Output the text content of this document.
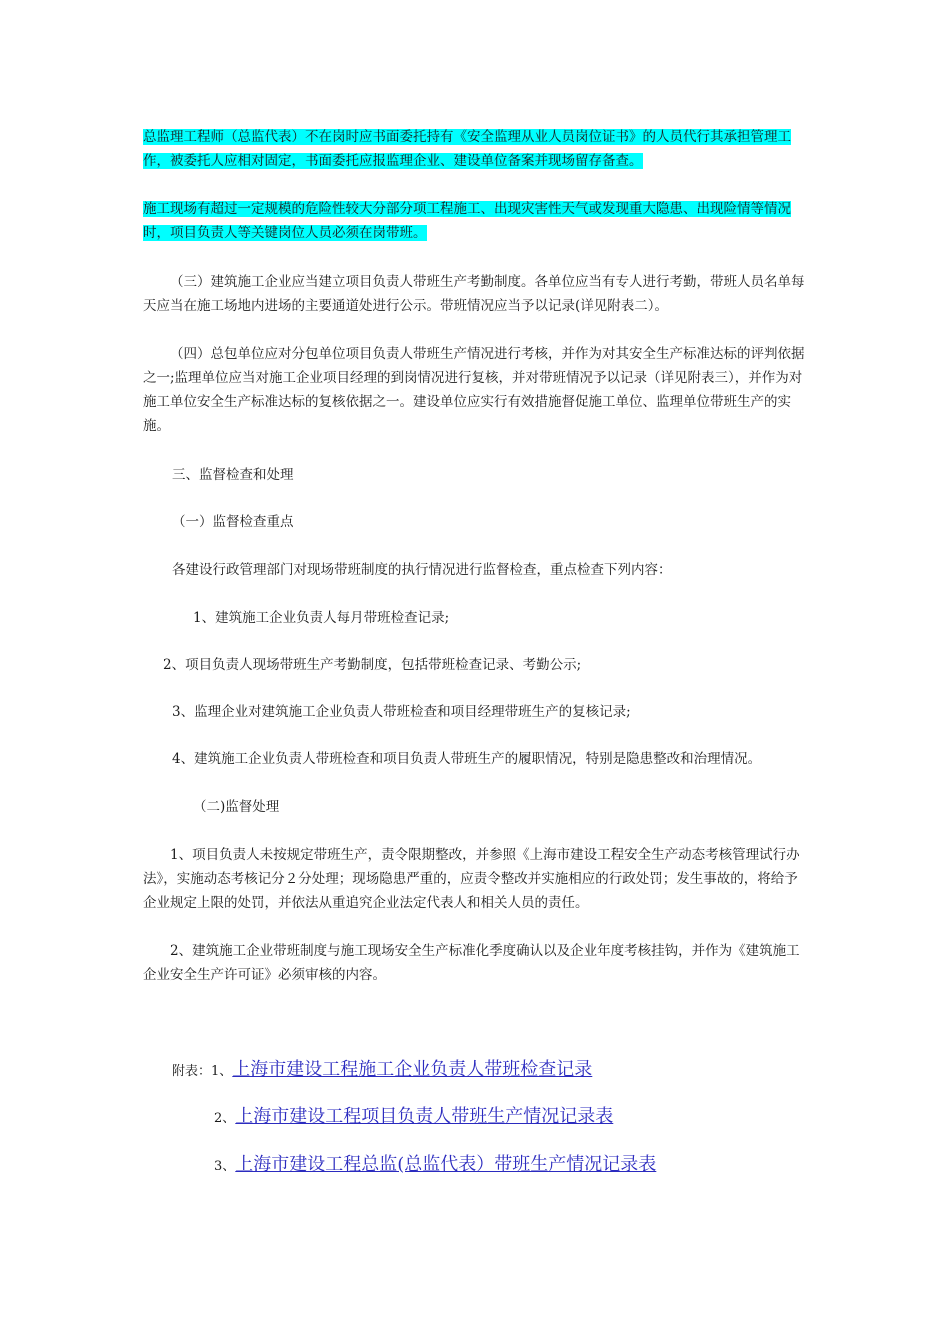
总监理工程师（总监代表）不在岗时应书面委托持有《安全监理从业人员岗位证书》的人员代行其承担管理工作，被委托人应相对固定，书面委托应报监理企业、建设单位备案并现场留存备查。

施工现场有超过一定规模的危险性较大分部分项工程施工、出现灾害性天气或发现重大隐患、出现险情等情况时，项目负责人等关键岗位人员必须在岗带班。

（三）建筑施工企业应当建立项目负责人带班生产考勤制度。各单位应当有专人进行考勤，带班人员名单每天应当在施工场地内进场的主要通道处进行公示。带班情况应当予以记录(详见附表二）。

（四）总包单位应对分包单位项目负责人带班生产情况进行考核，并作为对其安全生产标准达标的评判依据之一;监理单位应当对施工企业项目经理的到岗情况进行复核，并对带班情况予以记录（详见附表三），并作为对施工单位安全生产标准达标的复核依据之一。建设单位应实行有效措施督促施工单位、监理单位带班生产的实施。

三、监督检查和处理

（一）监督检查重点

各建设行政管理部门对现场带班制度的执行情况进行监督检查，重点检查下列内容：

1、建筑施工企业负责人每月带班检查记录;

2、项目负责人现场带班生产考勤制度，包括带班检查记录、考勤公示;

3、监理企业对建筑施工企业负责人带班检查和项目经理带班生产的复核记录;

4、建筑施工企业负责人带班检查和项目负责人带班生产的履职情况，特别是隐患整改和治理情况。

（二)监督处理

1、项目负责人未按规定带班生产，责令限期整改，并参照《上海市建设工程安全生产动态考核管理试行办法》，实施动态考核记分２分处理；现场隐患严重的，应责令整改并实施相应的行政处罚；发生事故的，将给予企业规定上限的处罚，并依法从重追究企业法定代表人和相关人员的责任。

2、建筑施工企业带班制度与施工现场安全生产标准化季度确认以及企业年度考核挂钩，并作为《建筑施工企业安全生产许可证》必须审核的内容。

附表：1、上海市建设工程施工企业负责人带班检查记录
2、上海市建设工程项目负责人带班生产情况记录表
3、上海市建设工程总监(总监代表）带班生产情况记录表
